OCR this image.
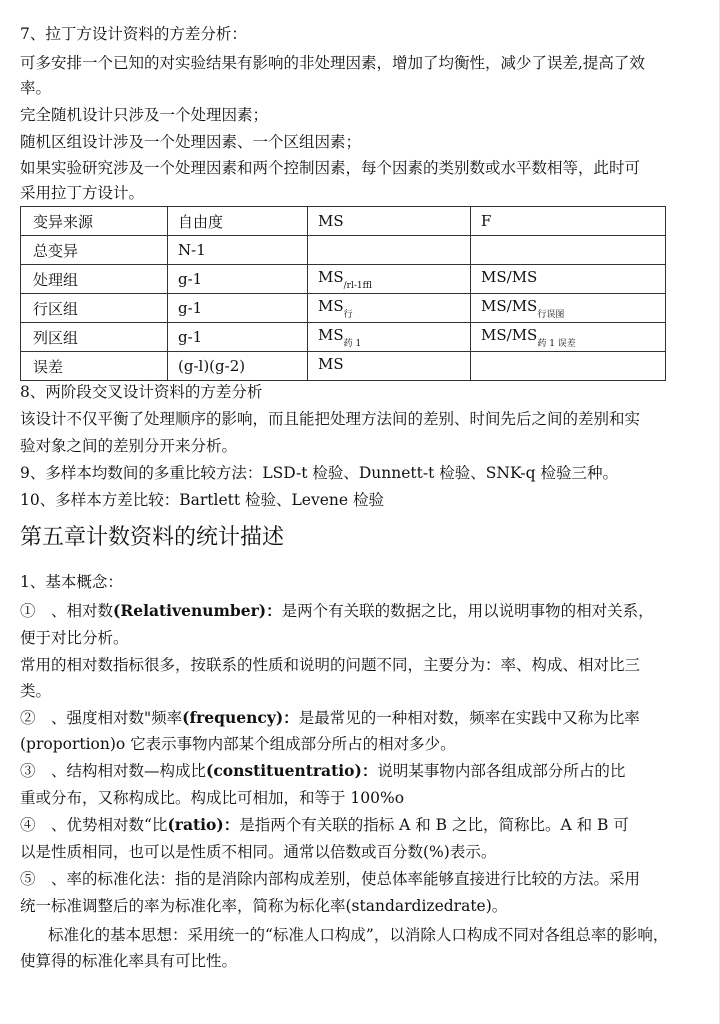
7、拉丁方设计资料的方差分析：
可多安排一个已知的对实验结果有影响的非处理因素，增加了均衡性，减少了误差,提高了效
率。
完全随机设计只涉及一个处理因素；
随机区组设计涉及一个处理因素、一个区组因素；
如果实验研究涉及一个处理因素和两个控制因素，每个因素的类别数或水平数相等，此时可
采用拉丁方设计。
变异来源	自由度	MS	F
总变异	N-1		
处理组	g-1	$MS_{/rl-1ffl}$	MS/MS
行区组	g-1	$MS_行$	$MS/MS_{行误图}$
列区组	g-1	$MS_{药 1}$	$MS/MS_{药 1 误差}$
误差	(g-l)(g-2)	MS	
8、两阶段交叉设计资料的方差分析
该设计不仅平衡了处理顺序的影响，而且能把处理方法间的差别、时间先后之间的差别和实
验对象之间的差别分开来分析。
9、多样本均数间的多重比较方法：LSD-t 检验、Dunnett-t 检验、SNK-q 检验三种。
10、多样本方差比较：Bartlett 检验、Levene 检验
第五章计数资料的统计描述
1、基本概念：
①　、相对数(Relativenumber)：是两个有关联的数据之比，用以说明事物的相对关系，
便于对比分析。
常用的相对数指标很多，按联系的性质和说明的问题不同，主要分为：率、构成、相对比三
类。
②　、强度相对数"频率(frequency)：是最常见的一种相对数，频率在实践中又称为比率
(proportion)o 它表示事物内部某个组成部分所占的相对多少。
③　、结构相对数—构成比(constituentratio)：说明某事物内部各组成部分所占的比
重或分布，又称构成比。构成比可相加，和等于 100%o
④　、优势相对数“比(ratio)：是指两个有关联的指标 A 和 B 之比，简称比。A 和 B 可
以是性质相同，也可以是性质不相同。通常以倍数或百分数(%)表示。
⑤　、率的标准化法：指的是消除内部构成差别，使总体率能够直接进行比较的方法。采用
统一标准调整后的率为标准化率，简称为标化率(standardizedrate)。
标准化的基本思想：采用统一的“标准人口构成”，以消除人口构成不同对各组总率的影响，
使算得的标准化率具有可比性。
